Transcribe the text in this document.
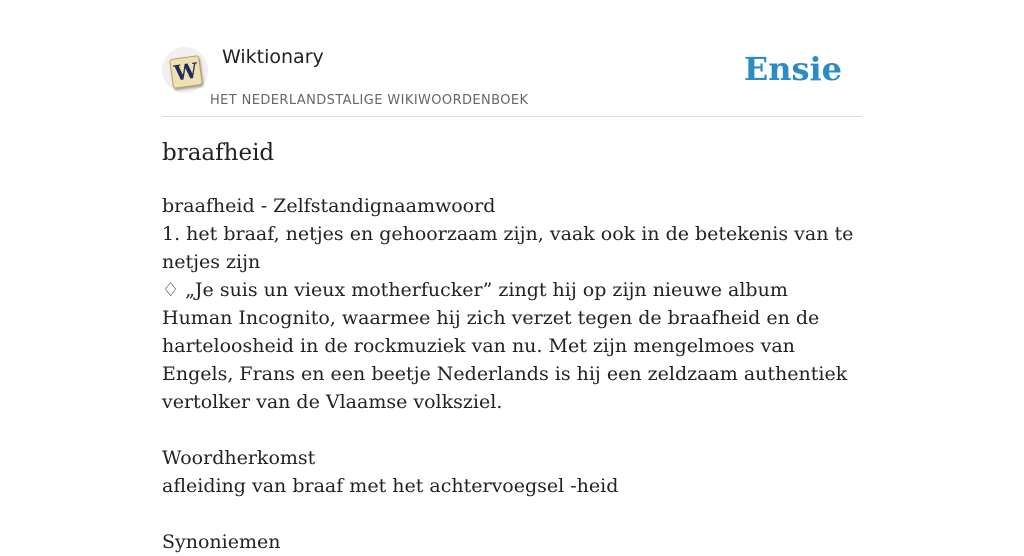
W
Wiktionary
HET NEDERLANDSTALIGE WIKIWOORDENBOEK
Ensie
braafheid

braafheid - Zelfstandignaamwoord

1. het braaf, netjes en gehoorzaam zijn, vaak ook in de betekenis van te netjes zijn

♢ „Je suis un vieux motherfucker” zingt hij op zijn nieuwe album Human Incognito, waarmee hij zich verzet tegen de braafheid en de harteloosheid in de rockmuziek van nu. Met zijn mengelmoes van Engels, Frans en een beetje Nederlands is hij een zeldzaam authentiek vertolker van de Vlaamse volksziel.

Woordherkomst

afleiding van braaf met het achtervoegsel -heid

Synoniemen
